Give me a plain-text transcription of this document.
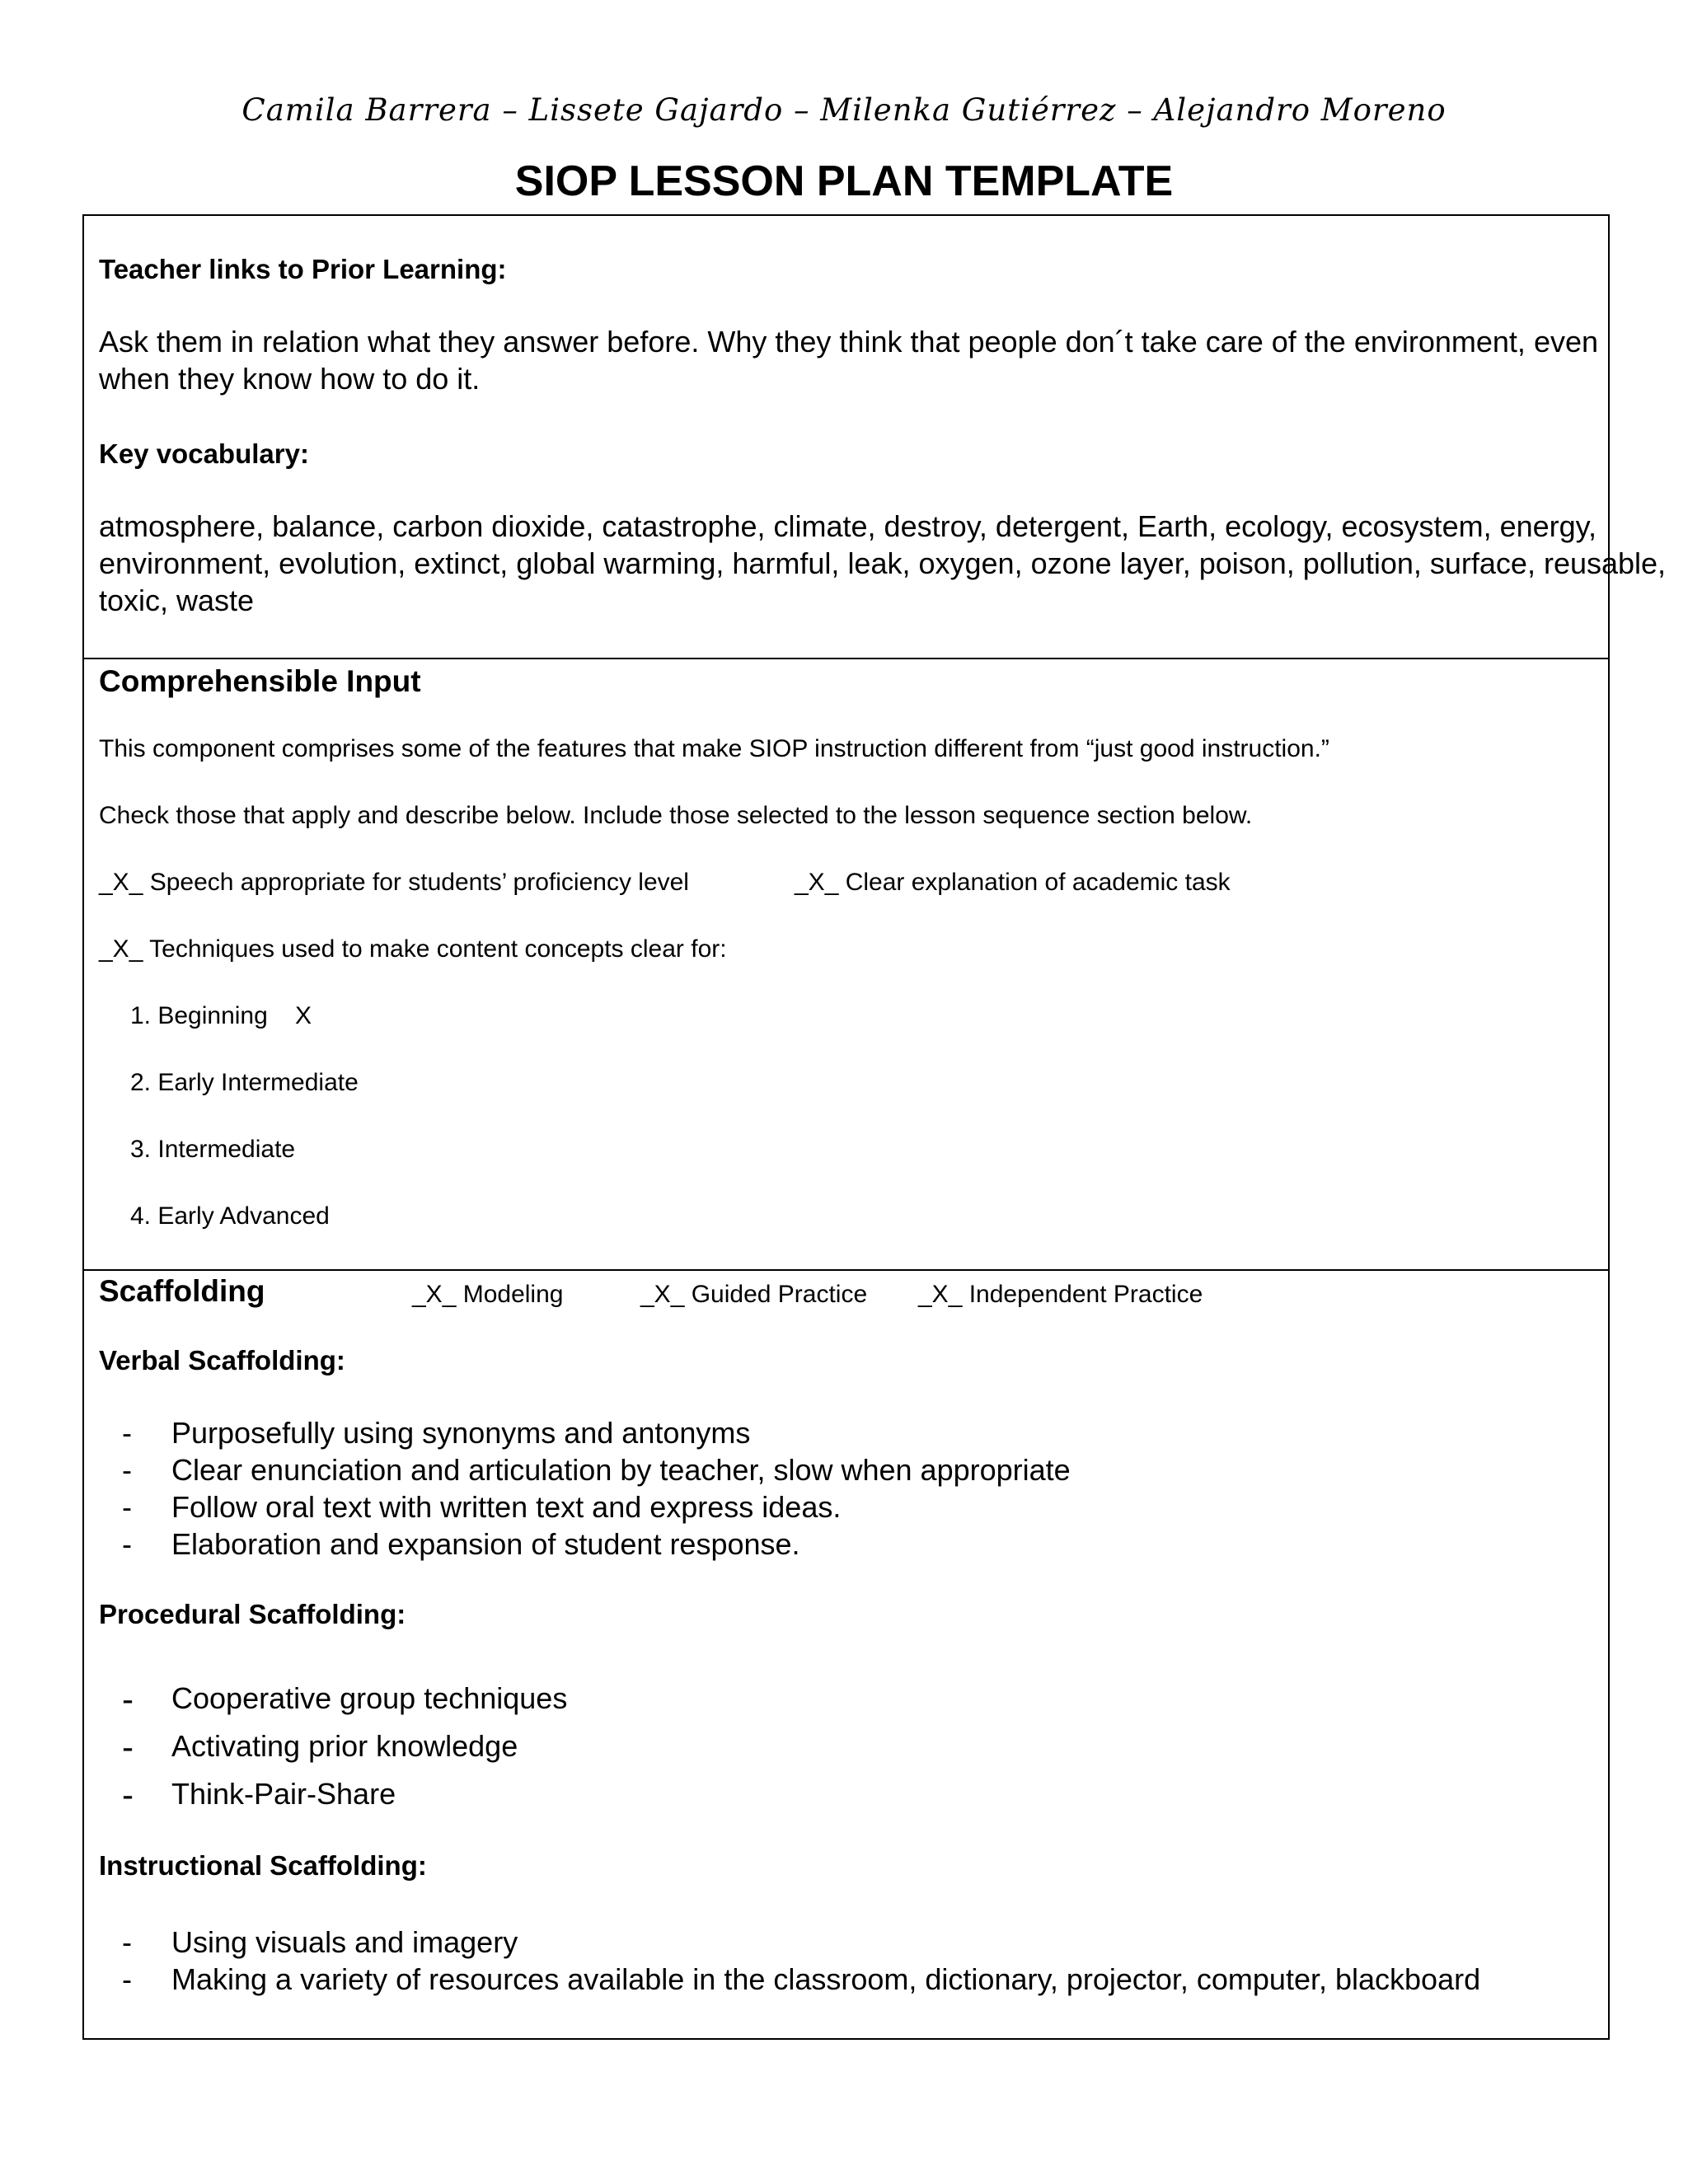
Camila Barrera – Lissete Gajardo – Milenka Gutiérrez – Alejandro Moreno
SIOP LESSON PLAN TEMPLATE
Teacher links to Prior Learning:
Ask them in relation what they answer before. Why they think that people don´t take care of the environment, even
when they know how to do it.
Key vocabulary:
atmosphere, balance, carbon dioxide, catastrophe, climate, destroy, detergent, Earth, ecology, ecosystem, energy,
environment, evolution, extinct, global warming, harmful, leak, oxygen, ozone layer, poison, pollution, surface, reusable,
toxic, waste
Comprehensible Input
This component comprises some of the features that make SIOP instruction different from “just good instruction.”
Check those that apply and describe below. Include those selected to the lesson sequence section below.
_X_ Speech appropriate for students’ proficiency level	_X_ Clear explanation of academic task
_X_ Techniques used to make content concepts clear for:
1. Beginning X
2. Early Intermediate
3. Intermediate
4. Early Advanced
Scaffolding	_X_ Modeling	_X_ Guided Practice _X_ Independent Practice
Verbal Scaffolding:
- Purposefully using synonyms and antonyms
- Clear enunciation and articulation by teacher, slow when appropriate
- Follow oral text with written text and express ideas.
- Elaboration and expansion of student response.
Procedural Scaffolding:
- Cooperative group techniques
- Activating prior knowledge
- Think-Pair-Share
Instructional Scaffolding:
- Using visuals and imagery
- Making a variety of resources available in the classroom, dictionary, projector, computer, blackboard
